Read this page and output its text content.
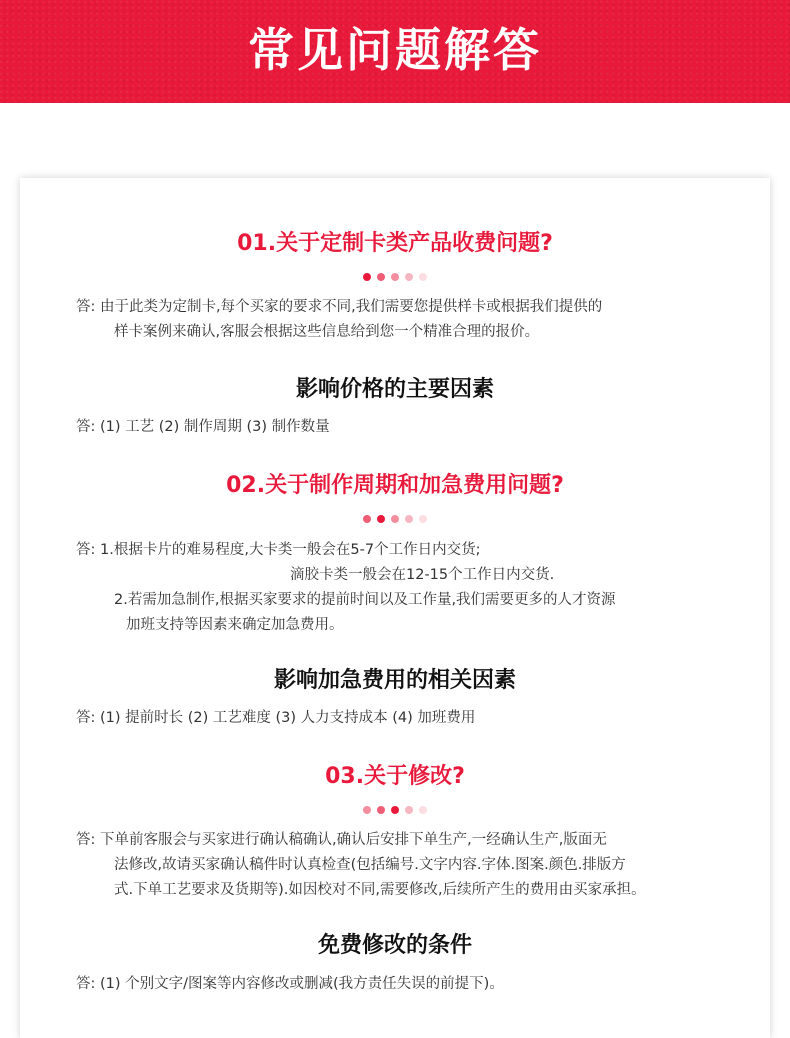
常见问题解答
01.关于定制卡类产品收费问题?
答: 由于此类为定制卡,每个买家的要求不同,我们需要您提供样卡或根据我们提供的
样卡案例来确认,客服会根据这些信息给到您一个精准合理的报价。
影响价格的主要因素
答: (1) 工艺 (2) 制作周期 (3) 制作数量
02.关于制作周期和加急费用问题?
答: 1.根据卡片的难易程度,大卡类一般会在5-7个工作日内交货;
滴胶卡类一般会在12-15个工作日内交货.
2.若需加急制作,根据买家要求的提前时间以及工作量,我们需要更多的人才资源
加班支持等因素来确定加急费用。
影响加急费用的相关因素
答: (1) 提前时长 (2) 工艺难度 (3) 人力支持成本 (4) 加班费用
03.关于修改?
答: 下单前客服会与买家进行确认稿确认,确认后安排下单生产,一经确认生产,版面无
法修改,故请买家确认稿件时认真检查(包括编号.文字内容.字体.图案.颜色.排版方
式.下单工艺要求及货期等).如因校对不同,需要修改,后续所产生的费用由买家承担。
免费修改的条件
答: (1) 个别文字/图案等内容修改或删减(我方责任失误的前提下)。
